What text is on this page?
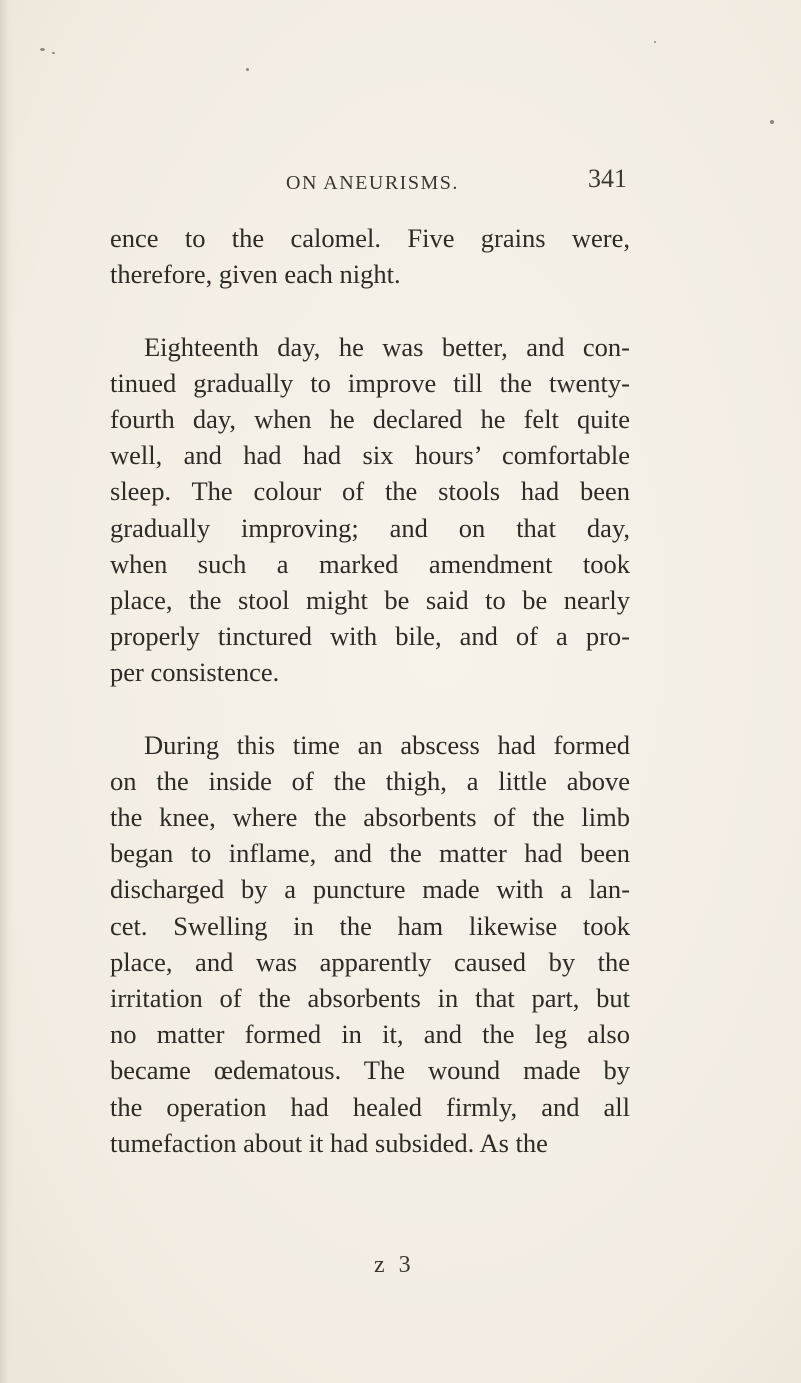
ON ANEURISMS.	341
ence to the calomel. Five grains were,
therefore, given each night.
Eighteenth day, he was better, and con-
tinued gradually to improve till the twenty-
fourth day, when he declared he felt quite
well, and had had six hours’ comfortable
sleep. The colour of the stools had been
gradually improving; and on that day,
when such a marked amendment took
place, the stool might be said to be nearly
properly tinctured with bile, and of a pro-
per consistence.
During this time an abscess had formed
on the inside of the thigh, a little above
the knee, where the absorbents of the limb
began to inflame, and the matter had been
discharged by a puncture made with a lan-
cet. Swelling in the ham likewise took
place, and was apparently caused by the
irritation of the absorbents in that part, but
no matter formed in it, and the leg also
became œdematous. The wound made by
the operation had healed firmly, and all
tumefaction about it had subsided. As the
z 3
